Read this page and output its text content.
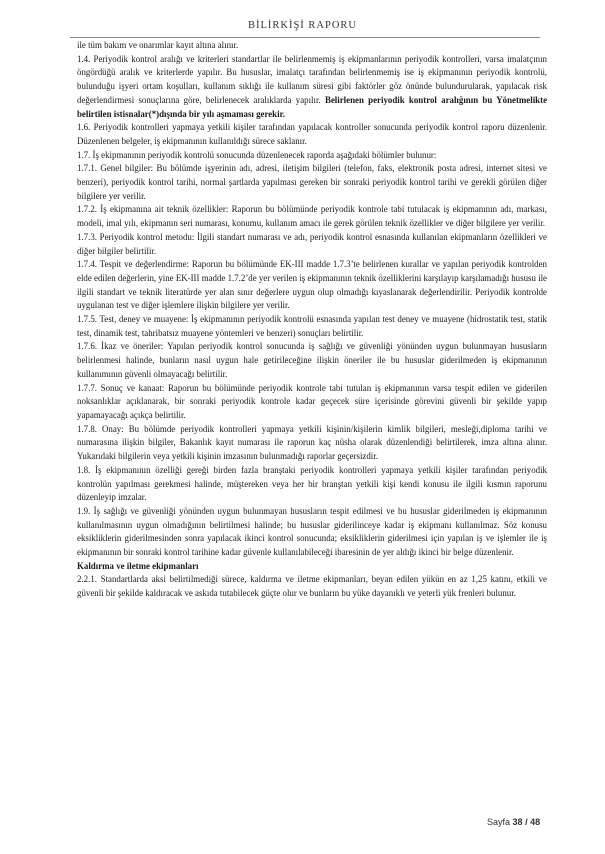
BİLİRKİŞİ RAPORU

ile tüm bakım ve onarımlar kayıt altına alınır.

1.4. Periyodik kontrol aralığı ve kriterleri standartlar ile belirlenmemiş iş ekipmanlarının periyodik kontrolleri, varsa imalatçının öngördüğü aralık ve kriterlerde yapılır. Bu hususlar, imalatçı tarafından belirlenmemiş ise iş ekipmanının periyodik kontrolü, bulunduğu işyeri ortam koşulları, kullanım sıklığı ile kullanım süresi gibi faktörler göz önünde bulundurularak, yapılacak risk değerlendirmesi sonuçlarına göre, belirlenecek aralıklarda yapılır. Belirlenen periyodik kontrol aralığının bu Yönetmelikte belirtilen istisnalar(*)dışında bir yılı aşmaması gerekir.

1.6. Periyodik kontrolleri yapmaya yetkili kişiler tarafından yapılacak kontroller sonucunda periyodik kontrol raporu düzenlenir. Düzenlenen belgeler, iş ekipmanının kullanıldığı sürece saklanır.

1.7. İş ekipmanının periyodik kontrolü sonucunda düzenlenecek raporda aşağıdaki bölümler bulunur:

1.7.1. Genel bilgiler: Bu bölümde işyerinin adı, adresi, iletişim bilgileri (telefon, faks, elektronik posta adresi, internet sitesi ve benzeri), periyodik kontrol tarihi, normal şartlarda yapılması gereken bir sonraki periyodik kontrol tarihi ve gerekli görülen diğer bilgilere yer verilir.

1.7.2. İş ekipmanına ait teknik özellikler: Raporun bu bölümünde periyodik kontrole tabi tutulacak iş ekipmanının adı, markası, modeli, imal yılı, ekipmanın seri numarası, konumu, kullanım amacı ile gerek görülen teknik özellikler ve diğer bilgilere yer verilir.

1.7.3. Periyodik kontrol metodu: İlgili standart numarası ve adı, periyodik kontrol esnasında kullanılan ekipmanların özellikleri ve diğer bilgiler belirtilir.

1.7.4. Tespit ve değerlendirme: Raporun bu bölümünde EK-III madde 1.7.3’te belirlenen kurallar ve yapılan periyodik kontrolden elde edilen değerlerin, yine EK-III madde 1.7.2’de yer verilen iş ekipmanının teknik özelliklerini karşılayıp karşılamadığı hususu ile ilgili standart ve teknik literatürde yer alan sınır değerlere uygun olup olmadığı kıyaslanarak değerlendirilir. Periyodik kontrolde uygulanan test ve diğer işlemlere ilişkin bilgilere yer verilir.

1.7.5. Test, deney ve muayene: İş ekipmanının periyodik kontrolü esnasında yapılan test deney ve muayene (hidrostatik test, statik test, dinamik test, tahribatsız muayene yöntemleri ve benzeri) sonuçları belirtilir.

1.7.6. İkaz ve öneriler: Yapılan periyodik kontrol sonucunda iş sağlığı ve güvenliği yönünden uygun bulunmayan hususların belirlenmesi halinde, bunların nasıl uygun hale getirileceğine ilişkin öneriler ile bu hususlar giderilmeden iş ekipmanının kullanımının güvenli olmayacağı belirtilir.

1.7.7. Sonuç ve kanaat: Raporun bu bölümünde periyodik kontrole tabi tutulan iş ekipmanının varsa tespit edilen ve giderilen noksanlıklar açıklanarak, bir sonraki periyodik kontrole kadar geçecek süre içerisinde görevini güvenli bir şekilde yapıp yapamayacağı açıkça belirtilir.

1.7.8. Onay: Bu bölümde periyodik kontrolleri yapmaya yetkili kişinin/kişilerin kimlik bilgileri, mesleği,diploma tarihi ve numarasına ilişkin bilgiler, Bakanlık kayıt numarası ile raporun kaç nüsha olarak düzenlendiği belirtilerek, imza altına alınır. Yukarıdaki bilgilerin veya yetkili kişinin imzasının bulunmadığı raporlar geçersizdir.

1.8. İş ekipmanının özelliği gereği birden fazla branştaki periyodik kontrolleri yapmaya yetkili kişiler tarafından periyodik kontrolün yapılması gerekmesi halinde, müştereken veya her bir branştan yetkili kişi kendi konusu ile ilgili kısmın raporunu düzenleyip imzalar.

1.9. İş sağlığı ve güvenliği yönünden uygun bulunmayan hususların tespit edilmesi ve bu hususlar giderilmeden iş ekipmanının kullanılmasının uygun olmadığının belirtilmesi halinde; bu hususlar giderilinceye kadar iş ekipmanı kullanılmaz. Söz konusu eksikliklerin giderilmesinden sonra yapılacak ikinci kontrol sonucunda; eksikliklerin giderilmesi için yapılan iş ve işlemler ile iş ekipmanının bir sonraki kontrol tarihine kadar güvenle kullanılabileceği ibaresinin de yer aldığı ikinci bir belge düzenlenir.

Kaldırma ve iletme ekipmanları

2.2.1. Standartlarda aksi belirtilmediği sürece, kaldırma ve iletme ekipmanları, beyan edilen yükün en az 1,25 katını, etkili ve güvenli bir şekilde kaldıracak ve askıda tutabilecek güçte olur ve bunların bu yüke dayanıklı ve yeterli yük frenleri bulunur.

Sayfa 38 / 48
